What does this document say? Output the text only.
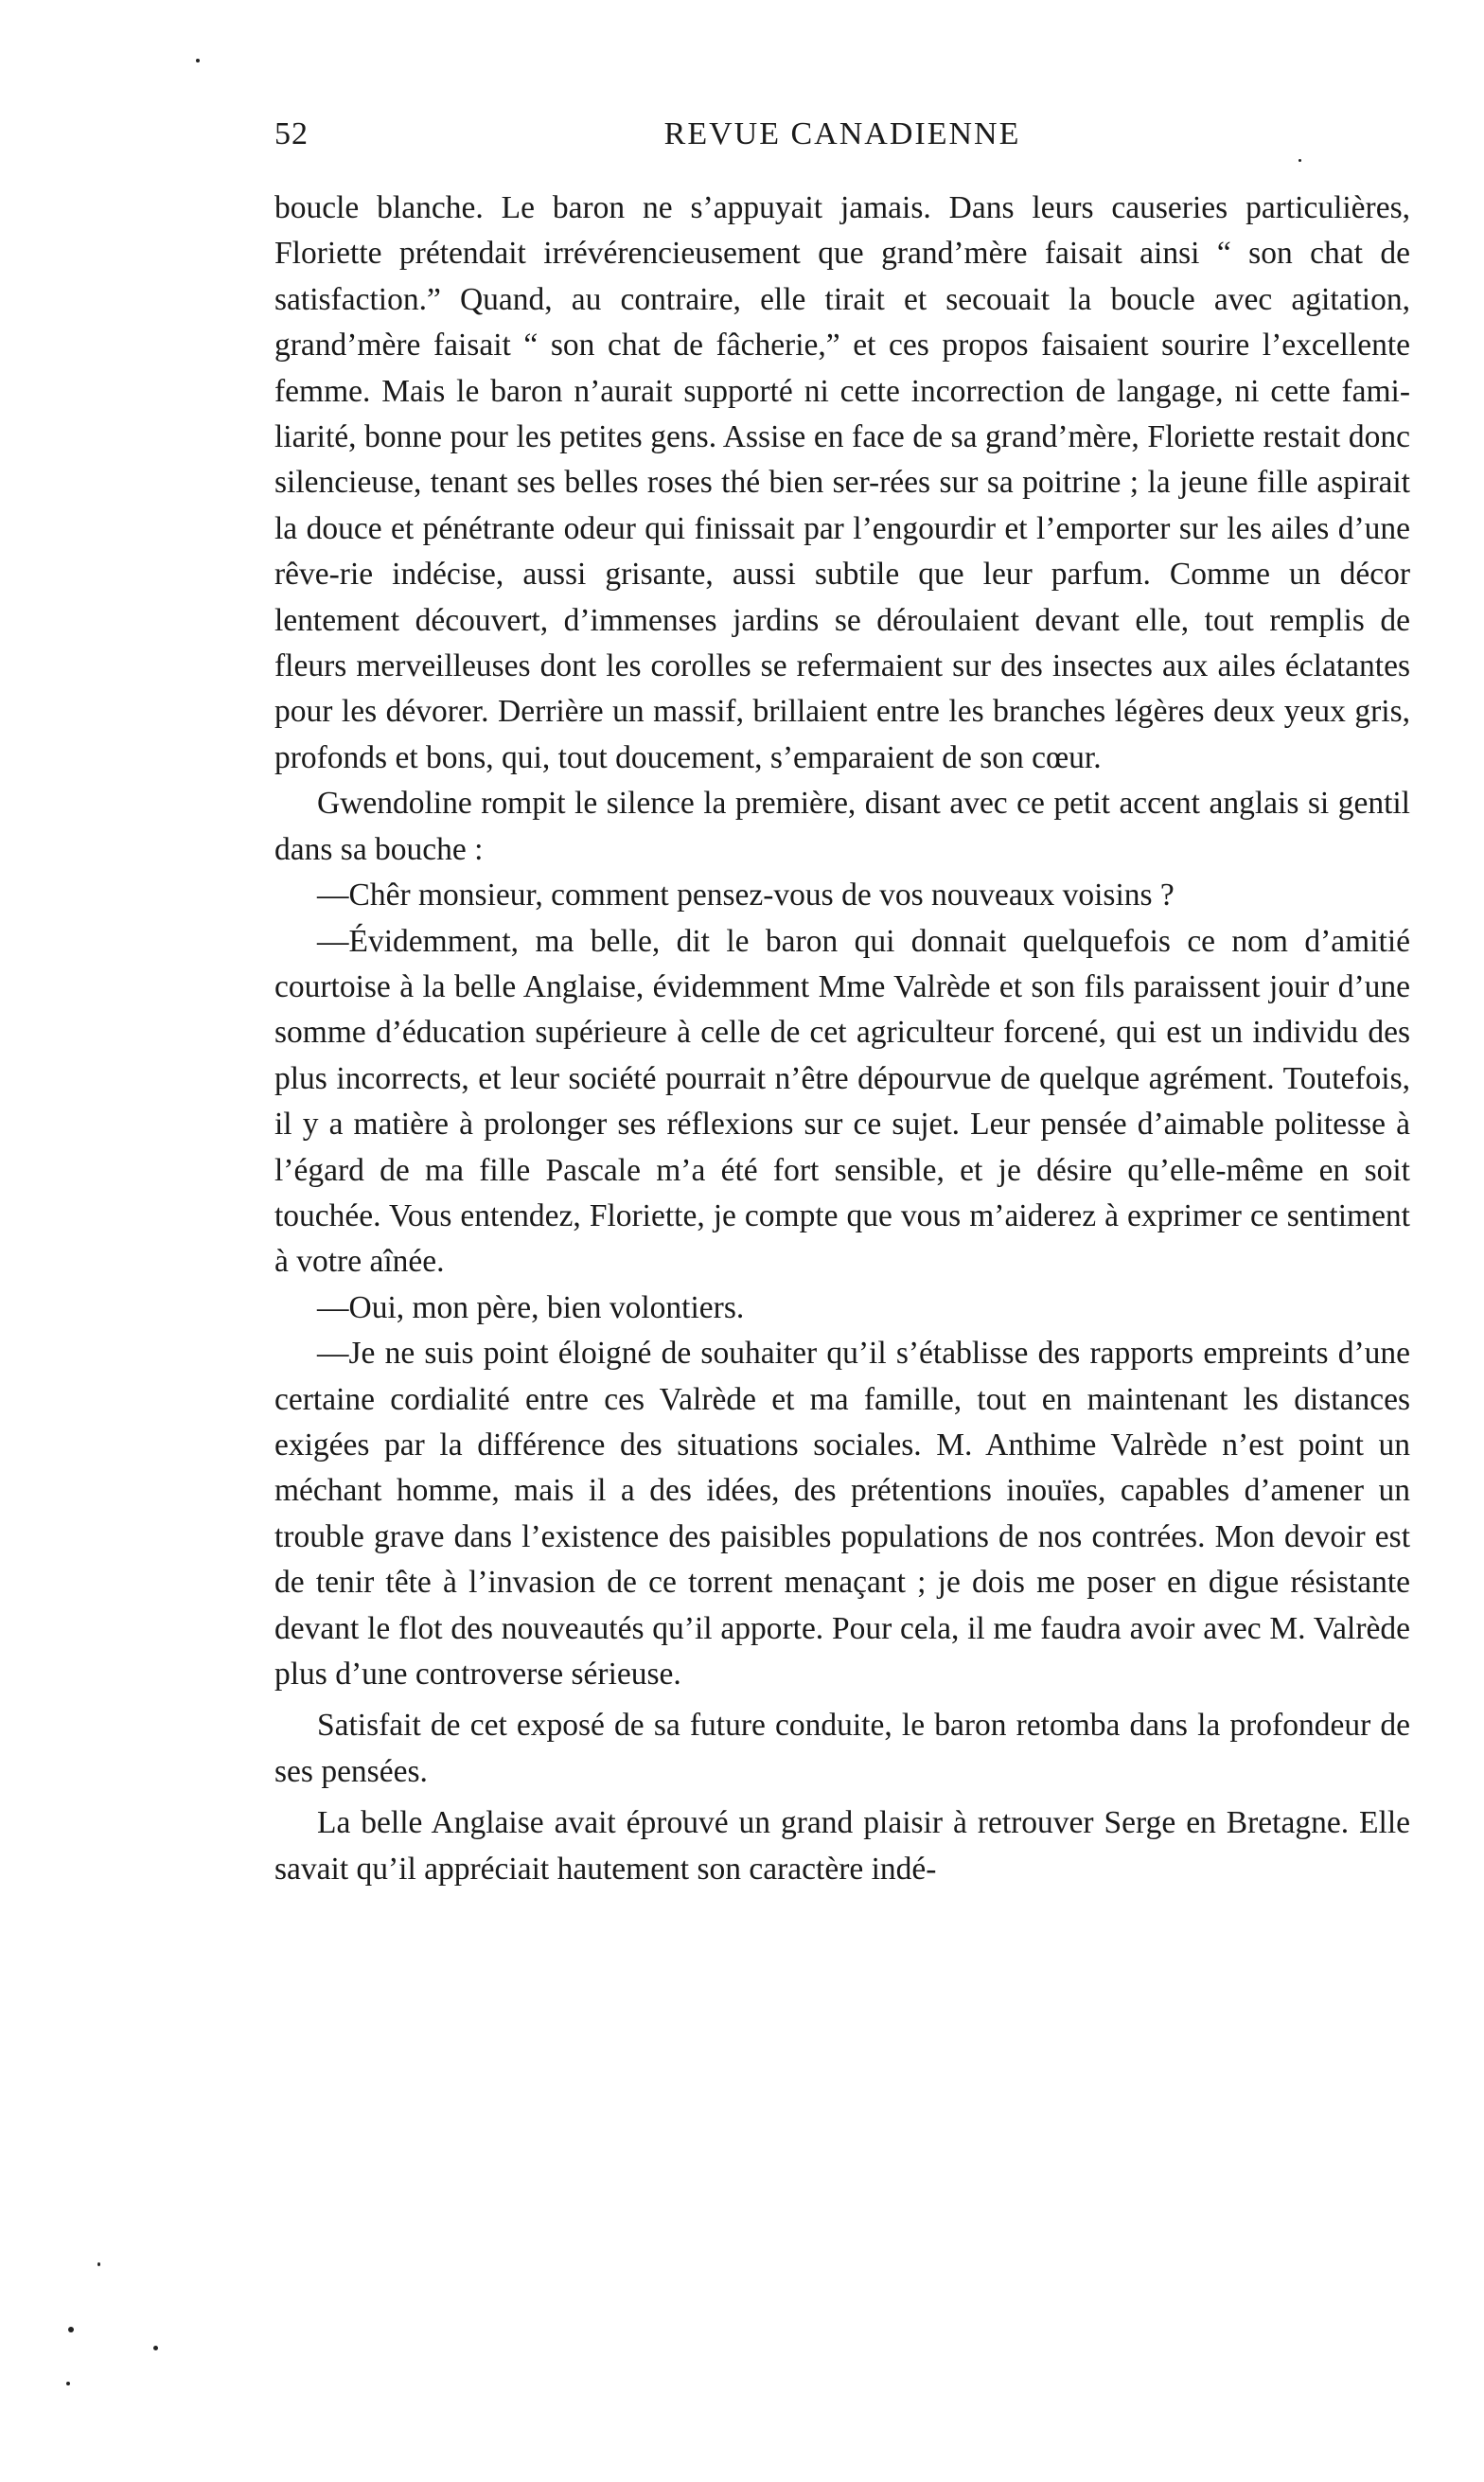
52	REVUE CANADIENNE

boucle blanche. Le baron ne s’appuyait jamais. Dans leurs causeries particulières, Floriette prétendait irrévérencieusement que grand’mère faisait ainsi “ son chat de satisfaction.” Quand, au contraire, elle tirait et secouait la boucle avec agitation, grand’mère faisait “ son chat de fâcherie,” et ces propos faisaient sourire l’excellente femme. Mais le baron n’aurait supporté ni cette incorrection de langage, ni cette fami-liarité, bonne pour les petites gens. Assise en face de sa grand’mère, Floriette restait donc silencieuse, tenant ses belles roses thé bien ser-rées sur sa poitrine ; la jeune fille aspirait la douce et pénétrante odeur qui finissait par l’engourdir et l’emporter sur les ailes d’une rêve-rie indécise, aussi grisante, aussi subtile que leur parfum. Comme un décor lentement découvert, d’immenses jardins se déroulaient devant elle, tout remplis de fleurs merveilleuses dont les corolles se refermaient sur des insectes aux ailes éclatantes pour les dévorer. Derrière un massif, brillaient entre les branches légères deux yeux gris, profonds et bons, qui, tout doucement, s’emparaient de son cœur.

Gwendoline rompit le silence la première, disant avec ce petit accent anglais si gentil dans sa bouche :

—Chêr monsieur, comment pensez-vous de vos nouveaux voisins ?

—Évidemment, ma belle, dit le baron qui donnait quelquefois ce nom d’amitié courtoise à la belle Anglaise, évidemment Mme Valrède et son fils paraissent jouir d’une somme d’éducation supérieure à celle de cet agriculteur forcené, qui est un individu des plus incorrects, et leur société pourrait n’être dépourvue de quelque agrément. Toutefois, il y a matière à prolonger ses réflexions sur ce sujet. Leur pensée d’aimable politesse à l’égard de ma fille Pascale m’a été fort sensible, et je désire qu’elle-même en soit touchée. Vous entendez, Floriette, je compte que vous m’aiderez à exprimer ce sentiment à votre aînée.

—Oui, mon père, bien volontiers.

—Je ne suis point éloigné de souhaiter qu’il s’établisse des rapports empreints d’une certaine cordialité entre ces Valrède et ma famille, tout en maintenant les distances exigées par la différence des situations sociales. M. Anthime Valrède n’est point un méchant homme, mais il a des idées, des prétentions inouïes, capables d’amener un trouble grave dans l’existence des paisibles populations de nos contrées. Mon devoir est de tenir tête à l’invasion de ce torrent menaçant ; je dois me poser en digue résistante devant le flot des nouveautés qu’il apporte. Pour cela, il me faudra avoir avec M. Valrède plus d’une controverse sérieuse.

Satisfait de cet exposé de sa future conduite, le baron retomba dans la profondeur de ses pensées.

La belle Anglaise avait éprouvé un grand plaisir à retrouver Serge en Bretagne. Elle savait qu’il appréciait hautement son caractère indé-
